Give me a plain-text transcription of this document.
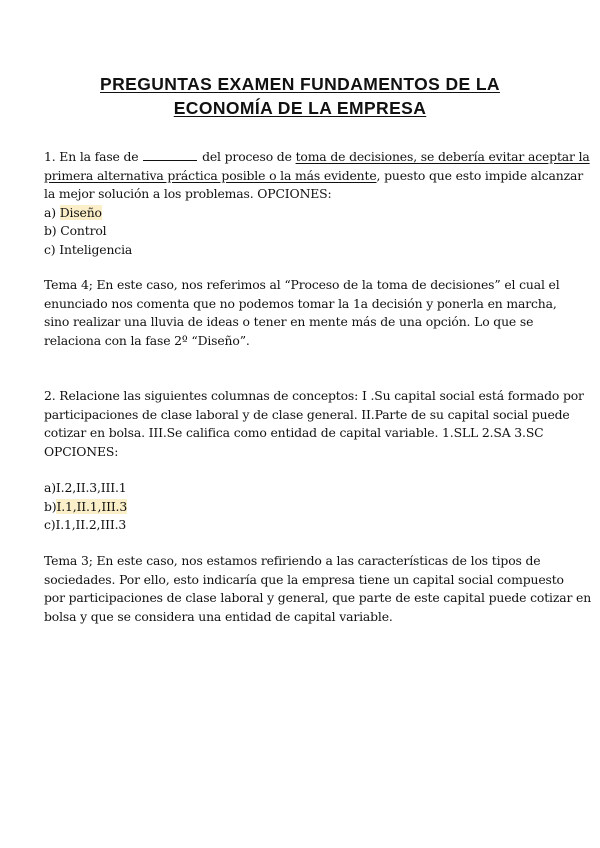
PREGUNTAS EXAMEN FUNDAMENTOS DE LA
ECONOMÍA DE LA EMPRESA
1. En la fase de	del proceso de toma de decisiones, se debería evitar aceptar la
primera alternativa práctica posible o la más evidente, puesto que esto impide alcanzar
la mejor solución a los problemas. OPCIONES:
a) Diseño
b) Control
c) Inteligencia
Tema 4; En este caso, nos referimos al “Proceso de la toma de decisiones” el cual el
enunciado nos comenta que no podemos tomar la 1a decisión y ponerla en marcha,
sino realizar una lluvia de ideas o tener en mente más de una opción. Lo que se
relaciona con la fase 2º “Diseño”.
2. Relacione las siguientes columnas de conceptos: I .Su capital social está formado por
participaciones de clase laboral y de clase general. II.Parte de su capital social puede
cotizar en bolsa. III.Se califica como entidad de capital variable. 1.SLL 2.SA 3.SC
OPCIONES:
a)I.2,II.3,III.1
b)I.1,II.1,III.3
c)I.1,II.2,III.3
Tema 3; En este caso, nos estamos refiriendo a las características de los tipos de
sociedades. Por ello, esto indicaría que la empresa tiene un capital social compuesto
por participaciones de clase laboral y general, que parte de este capital puede cotizar en
bolsa y que se considera una entidad de capital variable.
